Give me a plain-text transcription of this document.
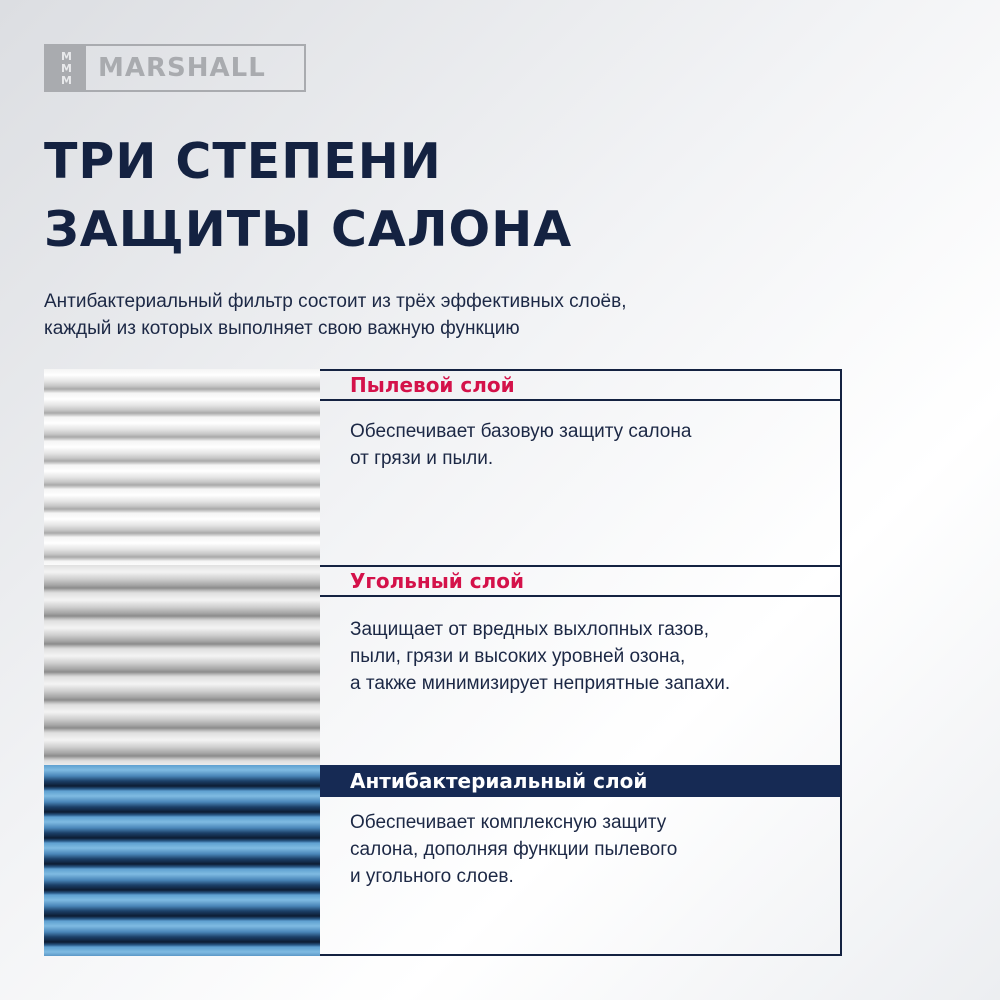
M
M
M MARSHALL
ТРИ СТЕПЕНИ
ЗАЩИТЫ САЛОНА
Антибактериальный фильтр состоит из трёх эффективных слоёв,
каждый из которых выполняет свою важную функцию
Пылевой слой
Обеспечивает базовую защиту салона
от грязи и пыли.
Угольный слой
Защищает от вредных выхлопных газов,
пыли, грязи и высоких уровней озона,
а также минимизирует неприятные запахи.
Антибактериальный слой
Обеспечивает комплексную защиту
салона, дополняя функции пылевого
и угольного слоев.
